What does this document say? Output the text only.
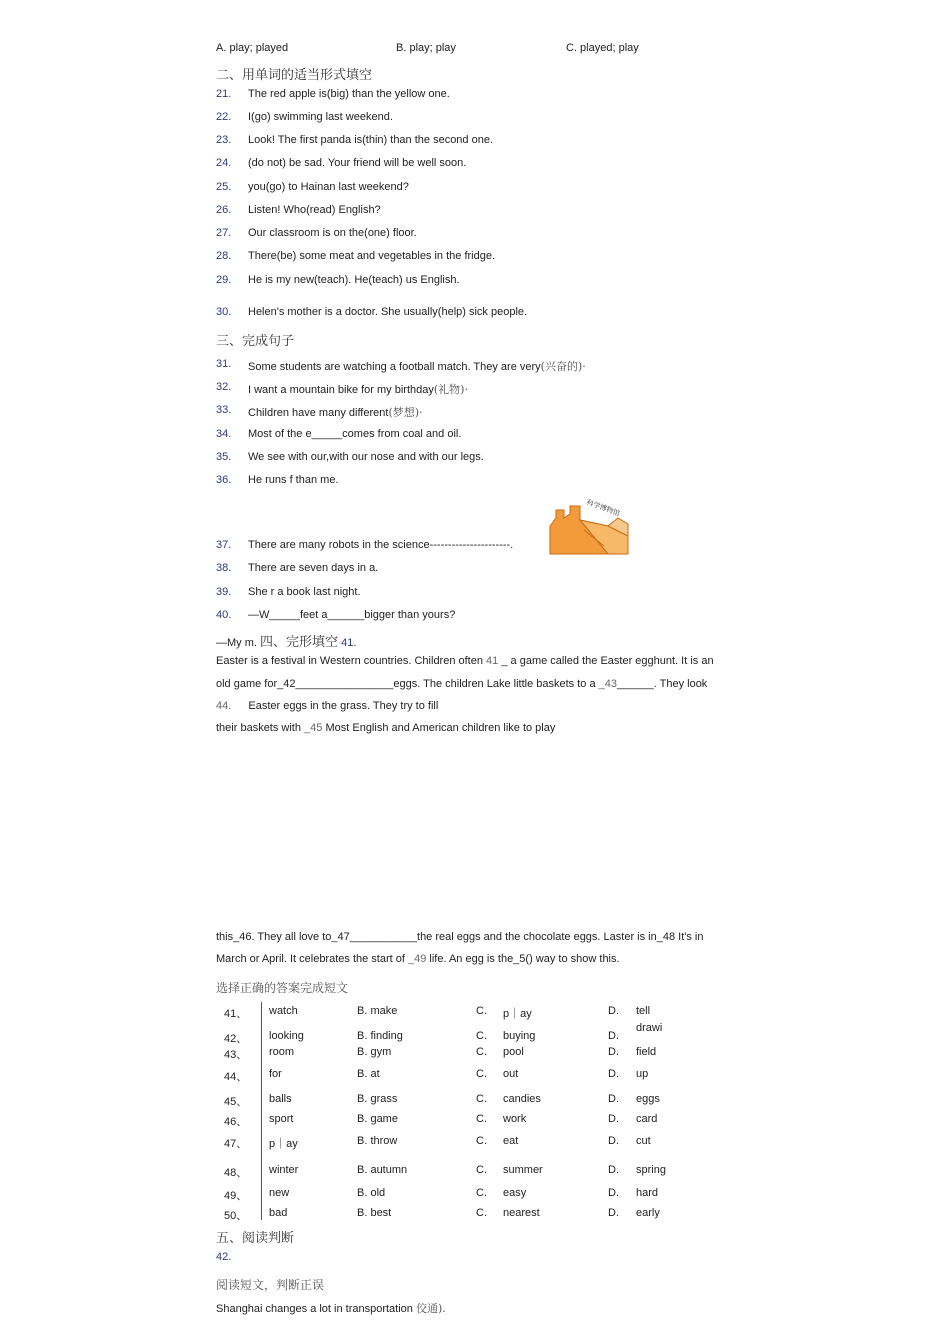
A. play; played	B. play; play	C. played; play
二、用单词的适当形式填空
21. The red apple is(big) than the yellow one.
22. I(go) swimming last weekend.
23. Look! The first panda is(thin) than the second one.
24. (do not) be sad. Your friend will be well soon.
25. you(go) to Hainan last weekend?
26. Listen! Who(read) English?
27. Our classroom is on the(one) floor.
28. There(be) some meat and vegetables in the fridge.
29. He is my new(teach). He(teach) us English.
30. Helen's mother is a doctor. She usually(help) sick people.
三、完成句子
31. Some students are watching a football match. They are very(兴奋的)·
32. I want a mountain bike for my birthday(礼物)·
33. Children have many different(梦想)·
34. Most of the e_____comes from coal and oil.
35. We see with our,with our nose and with our legs.
36. He runs f than me.
37. There are many robots in the science----------------------.
38. There are seven days in a.
39. She r a book last night.
40. —W_____feet a______bigger than yours?
科学博物馆
—My m. 四、完形填空 41.
Easter is a festival in Western countries. Children often 41 _ a game called the Easter egghunt. It is an
old game for_42________________eggs. The children Lake little baskets to a _43______. They look
44. Easter eggs in the grass. They try to fill
their baskets with _45 Most English and American children like to play
this_46. They all love to_47___________the real eggs and the chocolate eggs. Laster is in_48 It's in
March or April. It celebrates the start of _49 life. An egg is the_5() way to show this.
选择正确的答案完成短文
41、 watch	B. make	C. p｜ay	D. tell
42、 looking	B. finding	C. buying	D.
drawi
43、 room	B. gym	C. pool	D. field
44、 for	B. at	C. out	D. up
45、 balls	B. grass	C. candies	D. eggs
46、 sport	B. game	C. work	D. card
47、 p｜ay	B. throw	C. eat	D. cut
48、 winter	B. autumn	C. summer	D. spring
49、 new	B. old	C. easy	D. hard
50、 bad	B. best	C. nearest	D. early
五、阅读判断
42.
阅读短文，判断正误
Shanghai changes a lot in transportation 佼通).
